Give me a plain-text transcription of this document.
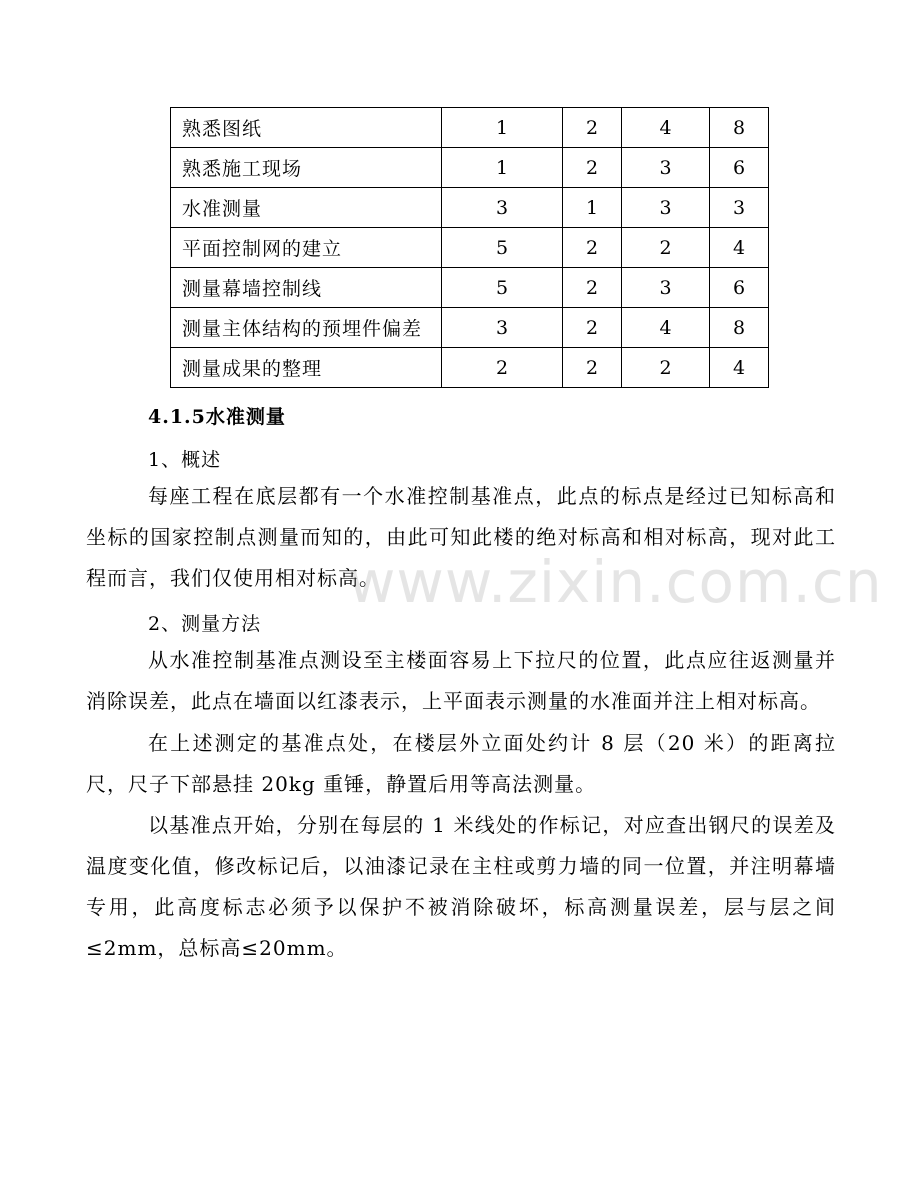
熟悉图纸	1	2	4	8
熟悉施工现场	1	2	3	6
水准测量	3	1	3	3
平面控制网的建立	5	2	2	4
测量幕墙控制线	5	2	3	6
测量主体结构的预埋件偏差	3	2	4	8
测量成果的整理	2	2	2	4
4.1.5水准测量
1、概述

每座工程在底层都有一个水准控制基准点，此点的标点是经过已知标高和坐标的国家控制点测量而知的，由此可知此楼的绝对标高和相对标高，现对此工程而言，我们仅使用相对标高。

2、测量方法

从水准控制基准点测设至主楼面容易上下拉尺的位置，此点应往返测量并消除误差，此点在墙面以红漆表示，上平面表示测量的水准面并注上相对标高。

在上述测定的基准点处，在楼层外立面处约计 8 层（20 米）的距离拉尺，尺子下部悬挂 20kg 重锤，静置后用等高法测量。

以基准点开始，分别在每层的 1 米线处的作标记，对应查出钢尺的误差及温度变化值，修改标记后，以油漆记录在主柱或剪力墙的同一位置，并注明幕墙专用，此高度标志必须予以保护不被消除破坏，标高测量误差，层与层之间≤2mm，总标高≤20mm。

www.zixin.com.cn
